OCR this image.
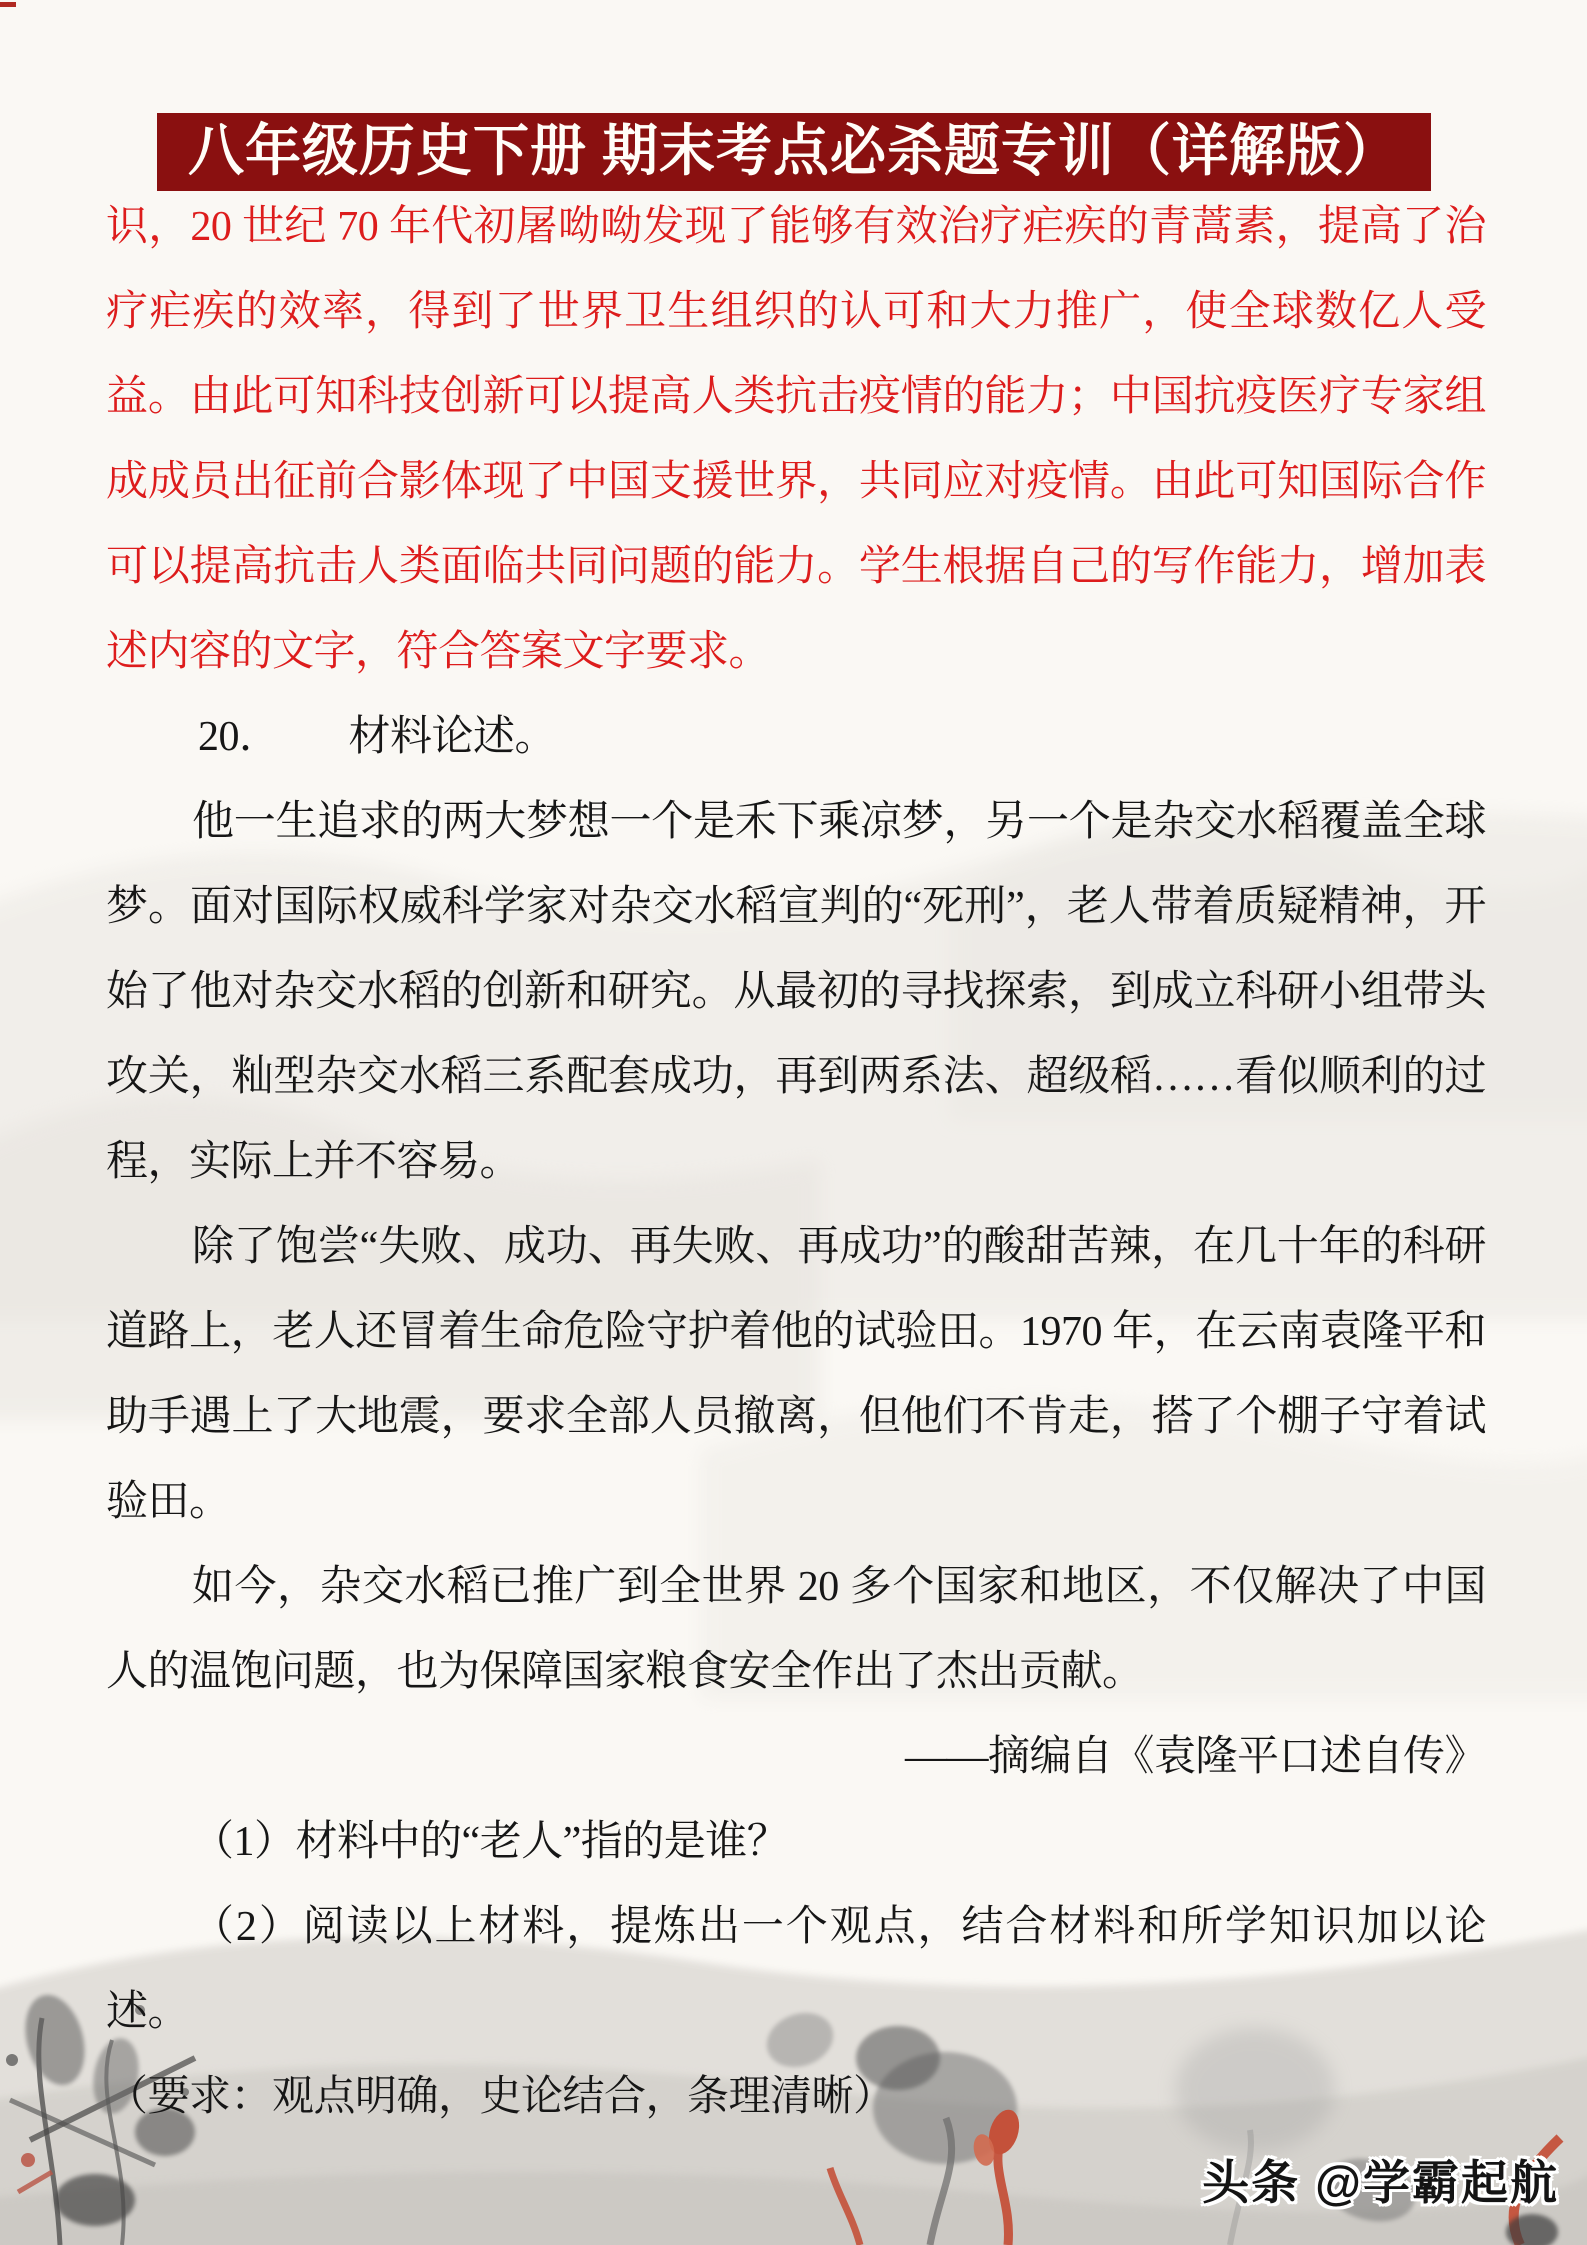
八年级历史下册 期末考点必杀题专训（详解版）

识，20 世纪 70 年代初屠呦呦发现了能够有效治疗疟疾的青蒿素，提高了治疗疟疾的效率，得到了世界卫生组织的认可和大力推广，使全球数亿人受益。由此可知科技创新可以提高人类抗击疫情的能力；中国抗疫医疗专家组成成员出征前合影体现了中国支援世界，共同应对疫情。由此可知国际合作可以提高抗击人类面临共同问题的能力。学生根据自己的写作能力，增加表述内容的文字，符合答案文字要求。

20． 材料论述。

他一生追求的两大梦想一个是禾下乘凉梦，另一个是杂交水稻覆盖全球梦。面对国际权威科学家对杂交水稻宣判的“死刑”，老人带着质疑精神，开始了他对杂交水稻的创新和研究。从最初的寻找探索，到成立科研小组带头攻关，籼型杂交水稻三系配套成功，再到两系法、超级稻……看似顺利的过程，实际上并不容易。

除了饱尝“失败、成功、再失败、再成功”的酸甜苦辣，在几十年的科研道路上，老人还冒着生命危险守护着他的试验田。1970 年，在云南袁隆平和助手遇上了大地震，要求全部人员撤离，但他们不肯走，搭了个棚子守着试验田。

如今，杂交水稻已推广到全世界 20 多个国家和地区，不仅解决了中国人的温饱问题，也为保障国家粮食安全作出了杰出贡献。

——摘编自《袁隆平口述自传》

（1）材料中的“老人”指的是谁？

（2）阅读以上材料，提炼出一个观点，结合材料和所学知识加以论述。

（要求：观点明确，史论结合，条理清晰）

头条 @学霸起航
